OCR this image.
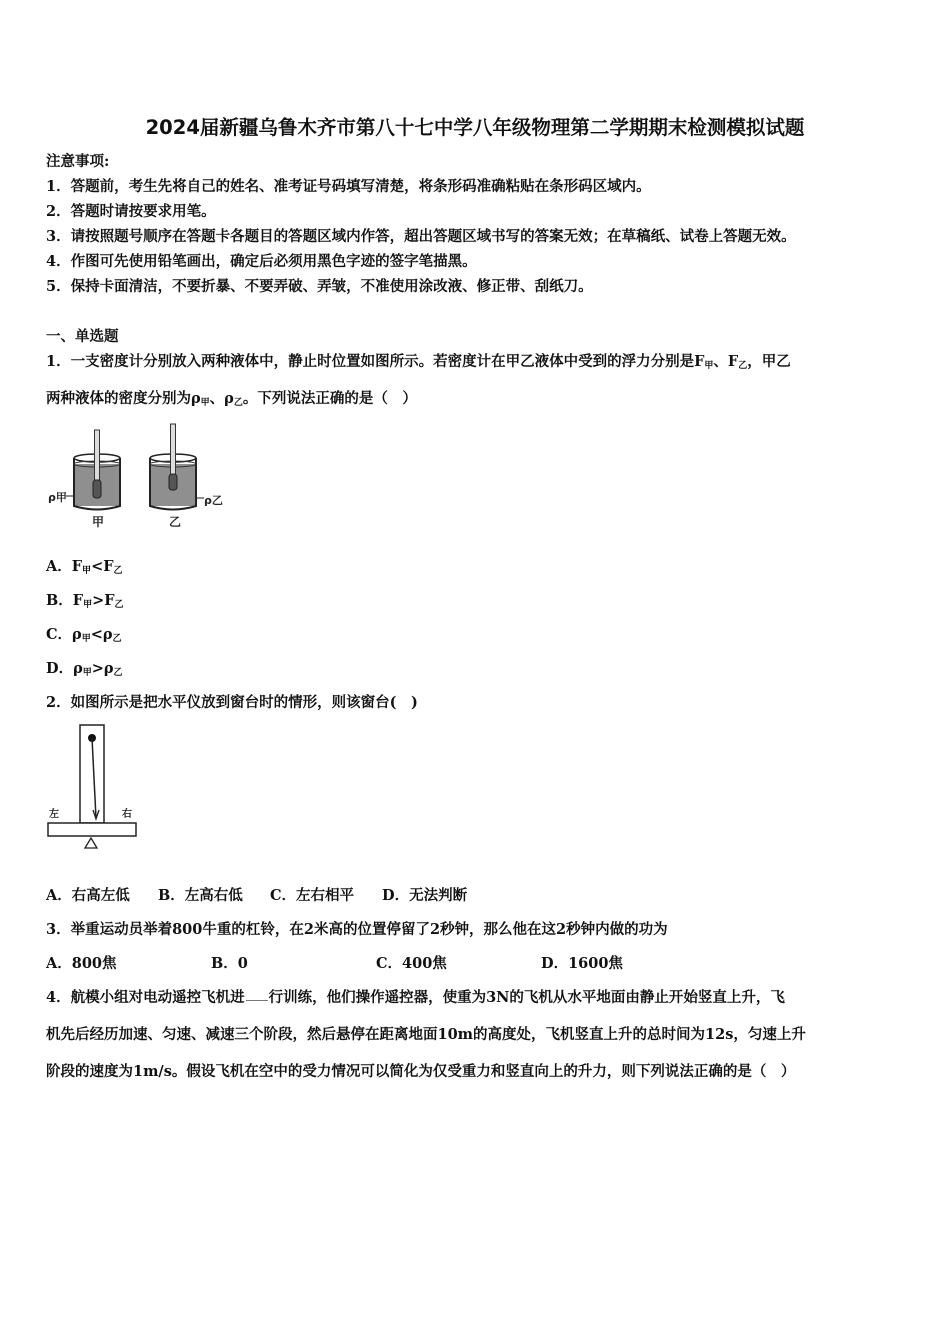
2024届新疆乌鲁木齐市第八十七中学八年级物理第二学期期末检测模拟试题
注意事项:
1．答题前，考生先将自己的姓名、准考证号码填写清楚，将条形码准确粘贴在条形码区域内。
2．答题时请按要求用笔。
3．请按照题号顺序在答题卡各题目的答题区域内作答，超出答题区域书写的答案无效；在草稿纸、试卷上答题无效。
4．作图可先使用铅笔画出，确定后必须用黑色字迹的签字笔描黑。
5．保持卡面清洁，不要折暴、不要弄破、弄皱，不准使用涂改液、修正带、刮纸刀。
一、单选题
1．一支密度计分别放入两种液体中，静止时位置如图所示。若密度计在甲乙液体中受到的浮力分别是$F_甲$、$F_乙$，甲乙
两种液体的密度分别为$\rho_甲$、$\rho_乙$。下列说法正确的是（　）
ρ甲
甲
ρ乙
乙
A．$F_甲<F_乙$
B．$F_甲>F_乙$
C．$\rho_甲<\rho_乙$
D．$\rho_甲>\rho_乙$
2．如图所示是把水平仪放到窗台时的情形，则该窗台(　)
左	右
A．右高左低 B．左高右低 C．左右相平 D．无法判断
3．举重运动员举着800牛重的杠铃，在2米高的位置停留了2秒钟，那么他在这2秒钟内做的功为
A．800焦	B．0	C．400焦	D．1600焦
4．航模小组对电动遥控飞机进 行训练，他们操作遥控器，使重为3N的飞机从水平地面由静止开始竖直上升，飞
机先后经历加速、匀速、减速三个阶段，然后悬停在距离地面10m的高度处，飞机竖直上升的总时间为12s，匀速上升
阶段的速度为1m/s。假设飞机在空中的受力情况可以简化为仅受重力和竖直向上的升力，则下列说法正确的是（　）
